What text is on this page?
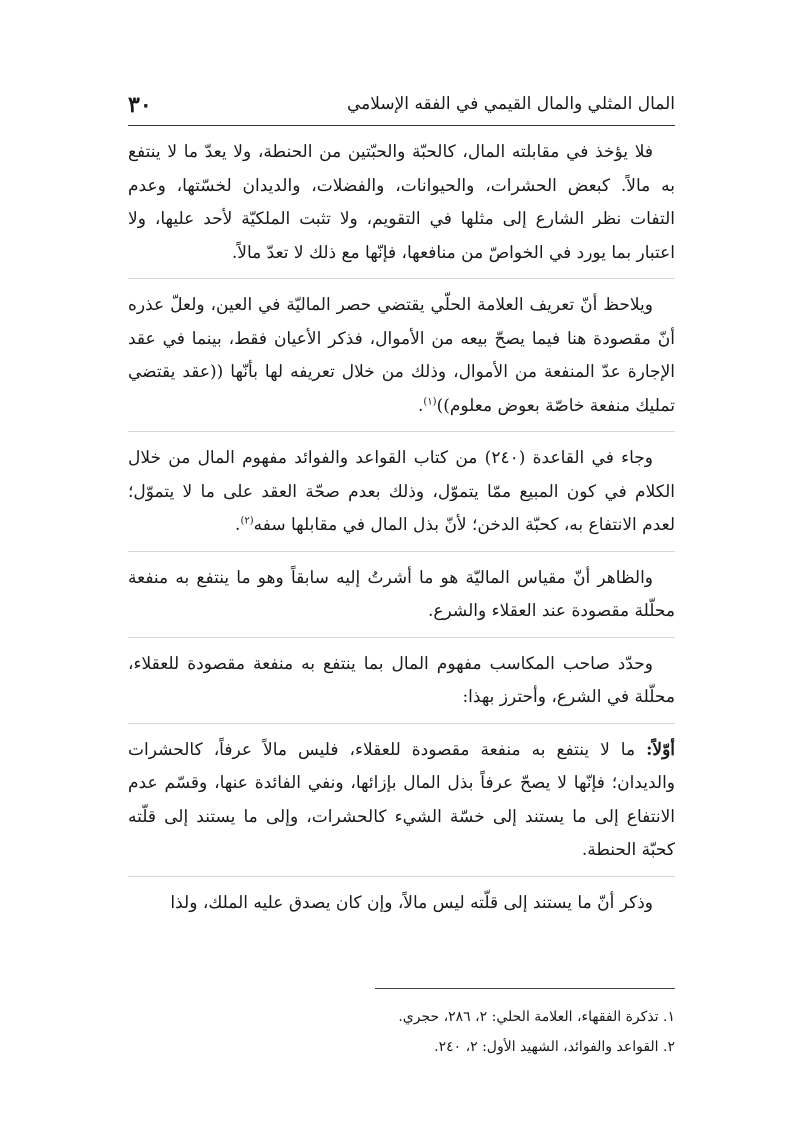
المال المثلي والمال القيمي في الفقه الإسلامي
٣٠

فلا يؤخذ في مقابلته المال، كالحبّة والحبّتين من الحنطة، ولا يعدّ ما لا ينتفع به مالاً. كبعض الحشرات، والحيوانات، والفضلات، والديدان لخسّتها، وعدم التفات نظر الشارع إلى مثلها في التقويم، ولا تثبت الملكيّة لأحد عليها، ولا اعتبار بما يورد في الخواصّ من منافعها، فإنّها مع ذلك لا تعدّ مالاً.

ويلاحظ أنّ تعريف العلامة الحلّي يقتضي حصر الماليّة في العين، ولعلّ عذره أنّ مقصودة هنا فيما يصحّ بيعه من الأموال، فذكر الأعيان فقط، بينما في عقد الإجارة عدّ المنفعة من الأموال، وذلك من خلال تعريفه لها بأنّها ((عقد يقتضي تمليك منفعة خاصّة بعوض معلوم))$^{(١)}$.

وجاء في القاعدة (٢٤٠) من كتاب القواعد والفوائد مفهوم المال من خلال الكلام في كون المبيع ممّا يتموّل، وذلك بعدم صحّة العقد على ما لا يتموّل؛ لعدم الانتفاع به، كحبّة الدخن؛ لأنّ بذل المال في مقابلها سفه$^{(٢)}$.

والظاهر أنّ مقياس الماليّة هو ما أشرتُ إليه سابقاً وهو ما ينتفع به منفعة محلّلة مقصودة عند العقلاء والشرع.

وحدّد صاحب المكاسب مفهوم المال بما ينتفع به منفعة مقصودة للعقلاء، محلّلة في الشرع، وأحترز بهذا:

أوّلاً: ما لا ينتفع به منفعة مقصودة للعقلاء، فليس مالاً عرفاً، كالحشرات والديدان؛ فإنّها لا يصحّ عرفاً بذل المال بإزائها، ونفي الفائدة عنها، وقسّم عدم الانتفاع إلى ما يستند إلى خسّة الشيء كالحشرات، وإلى ما يستند إلى قلّته كحبّة الحنطة.

وذكر أنّ ما يستند إلى قلّته ليس مالاً، وإن كان يصدق عليه الملك، ولذا

١. تذكرة الفقهاء، العلامة الحلي: ٢، ٢٨٦، حجري.

٢. القواعد والفوائد، الشهيد الأول: ٢، ٢٤٠.
